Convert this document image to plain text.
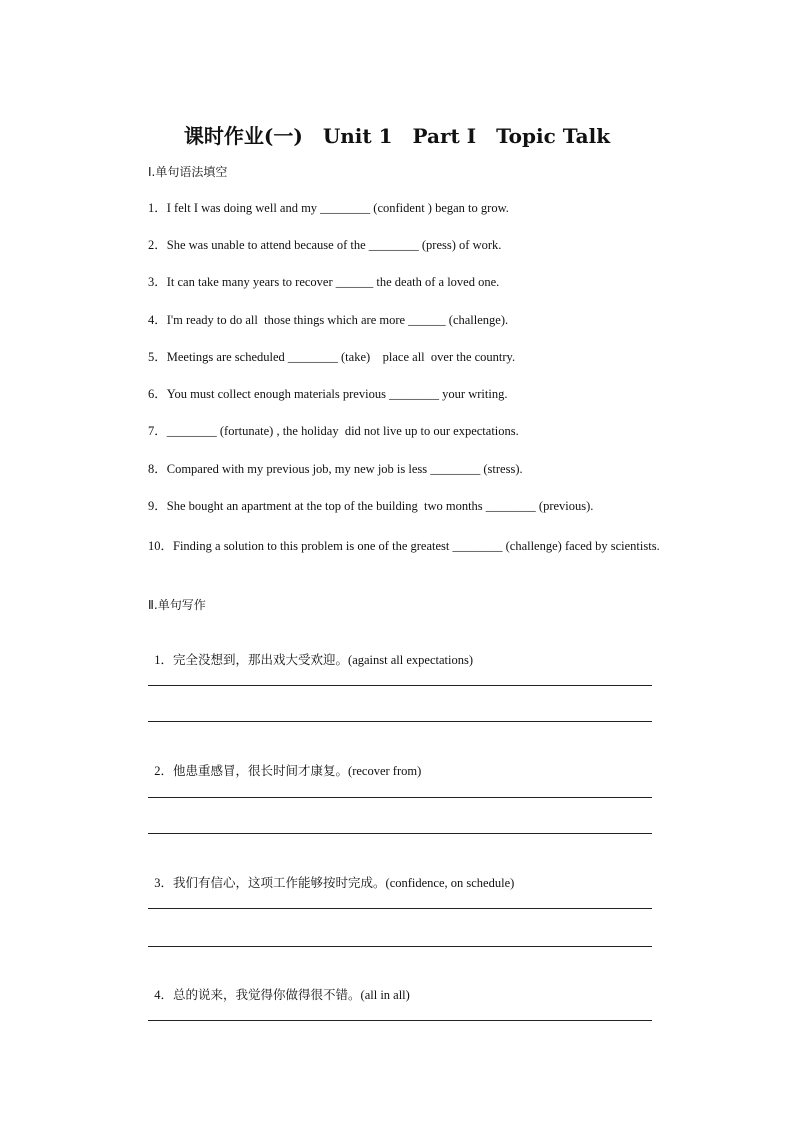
课时作业(一)　Unit 1　Part Ⅰ　Topic Talk
Ⅰ.单句语法填空
1．I felt I was doing well and my ________ (confident ) began to grow.
2．She was unable to attend because of the ________ (press) of work.
3．It can take many years to recover ______ the death of a loved one.
4．I'm ready to do all  those things which are more ______ (challenge).
5．Meetings are scheduled ________ (take)    place all  over the country.
6．You must collect enough materials previous ________ your writing.
7．________ (fortunate) , the holiday  did not live up to our expectations.
8．Compared with my previous job, my new job is less ________ (stress).
9．She bought an apartment at the top of the building  two months ________ (previous).
10．Finding a solution to this problem is one of the greatest ________ (challenge) faced by scientists.
Ⅱ.单句写作

1．完全没想到，那出戏大受欢迎。(against all expectations)

2．他患重感冒，很长时间才康复。(recover from)

3．我们有信心，这项工作能够按时完成。(confidence, on schedule)

4．总的说来，我觉得你做得很不错。(all in all)
